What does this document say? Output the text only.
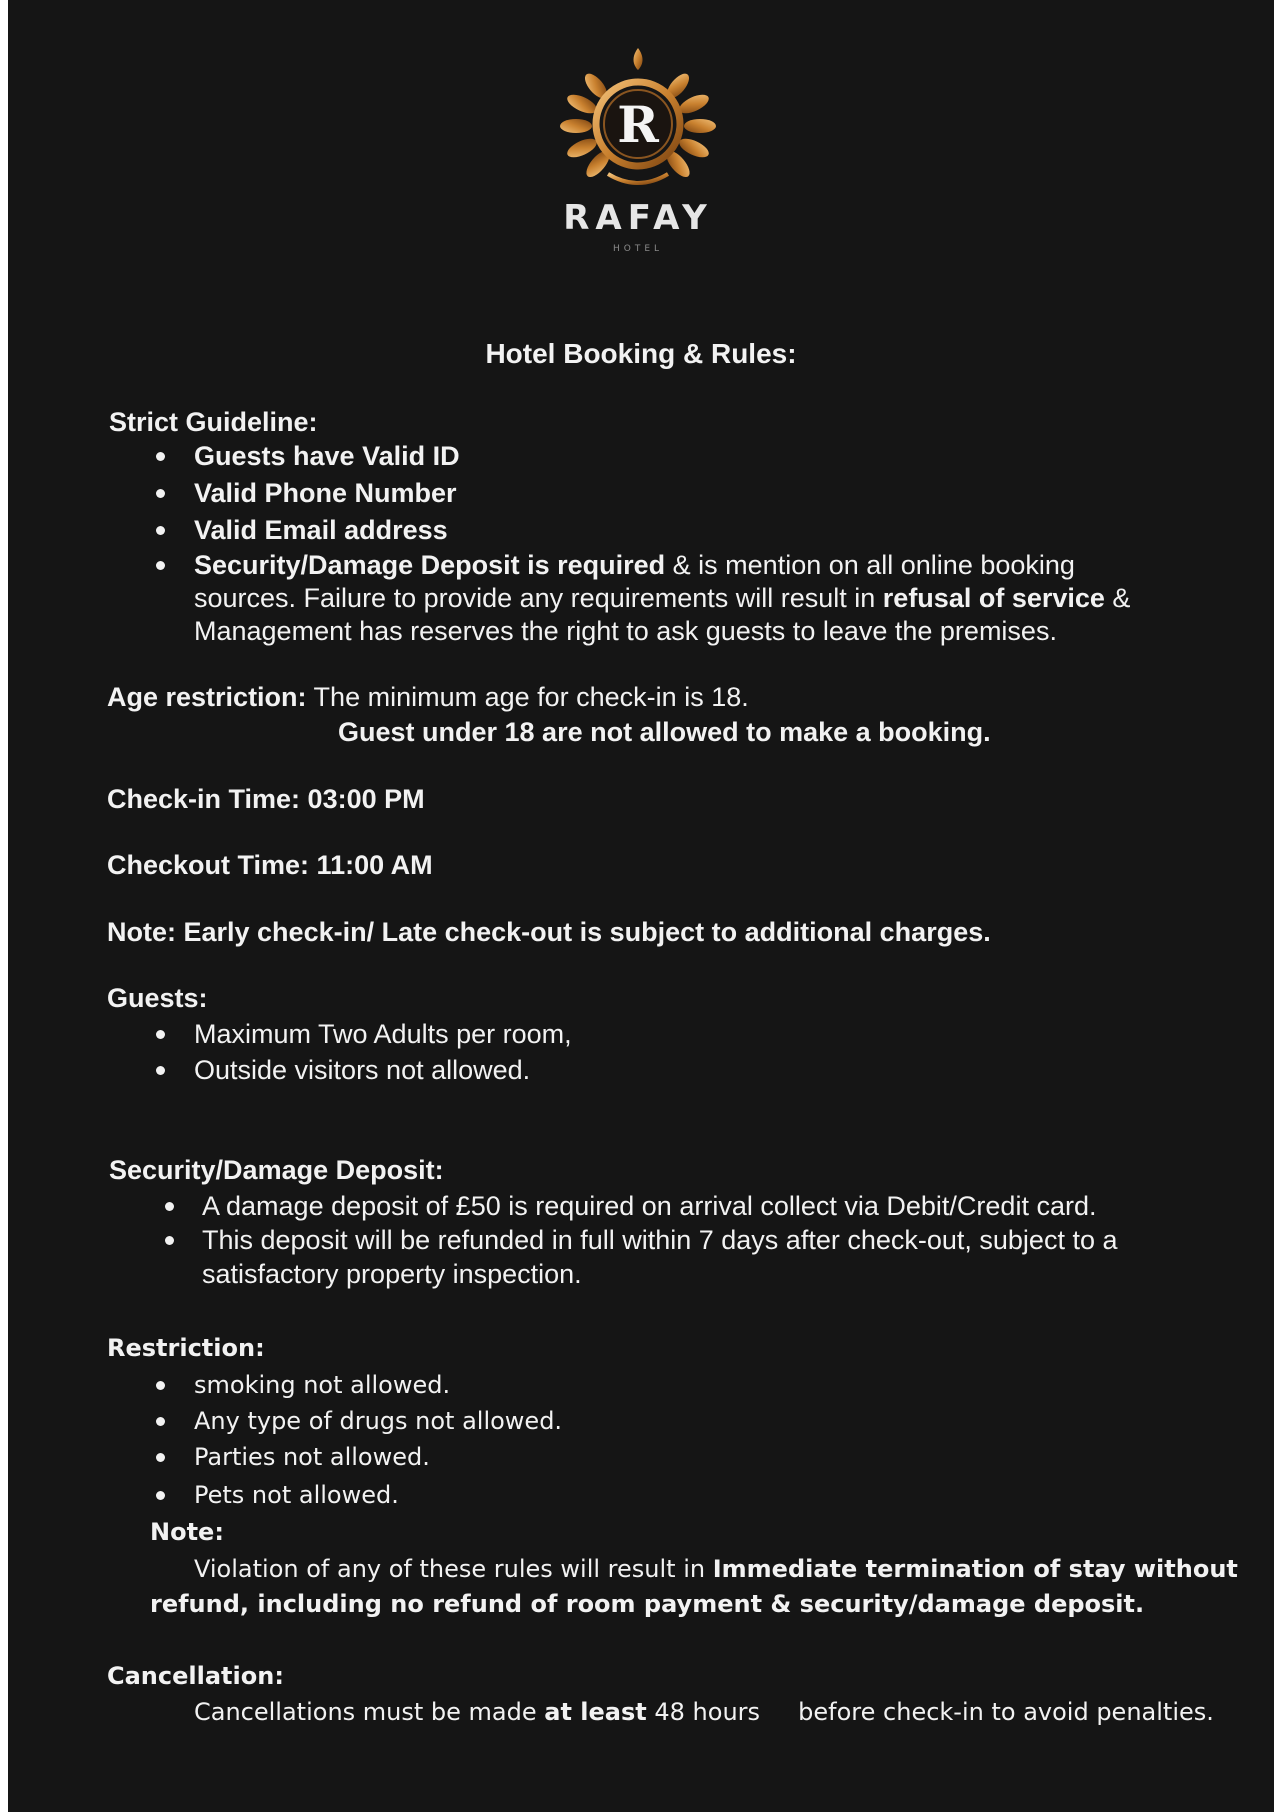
R
RAFAY
HOTEL
Hotel Booking & Rules:
Strict Guideline:
Guests have Valid ID
Valid Phone Number
Valid Email address
Security/Damage Deposit is required & is mention on all online booking
sources. Failure to provide any requirements will result in refusal of service &
Management has reserves the right to ask guests to leave the premises.
Age restriction: The minimum age for check-in is 18.
Guest under 18 are not allowed to make a booking.
Check-in Time: 03:00 PM
Checkout Time: 11:00 AM
Note: Early check-in/ Late check-out is subject to additional charges.
Guests:
Maximum Two Adults per room,
Outside visitors not allowed.
Security/Damage Deposit:
A damage deposit of £50 is required on arrival collect via Debit/Credit card.
This deposit will be refunded in full within 7 days after check-out, subject to a
satisfactory property inspection.
Restriction:
smoking not allowed.
Any type of drugs not allowed.
Parties not allowed.
Pets not allowed.
Note:
Violation of any of these rules will result in Immediate termination of stay without
refund, including no refund of room payment & security/damage deposit.
Cancellation:
Cancellations must be made at least 48 hours     before check-in to avoid penalties.
